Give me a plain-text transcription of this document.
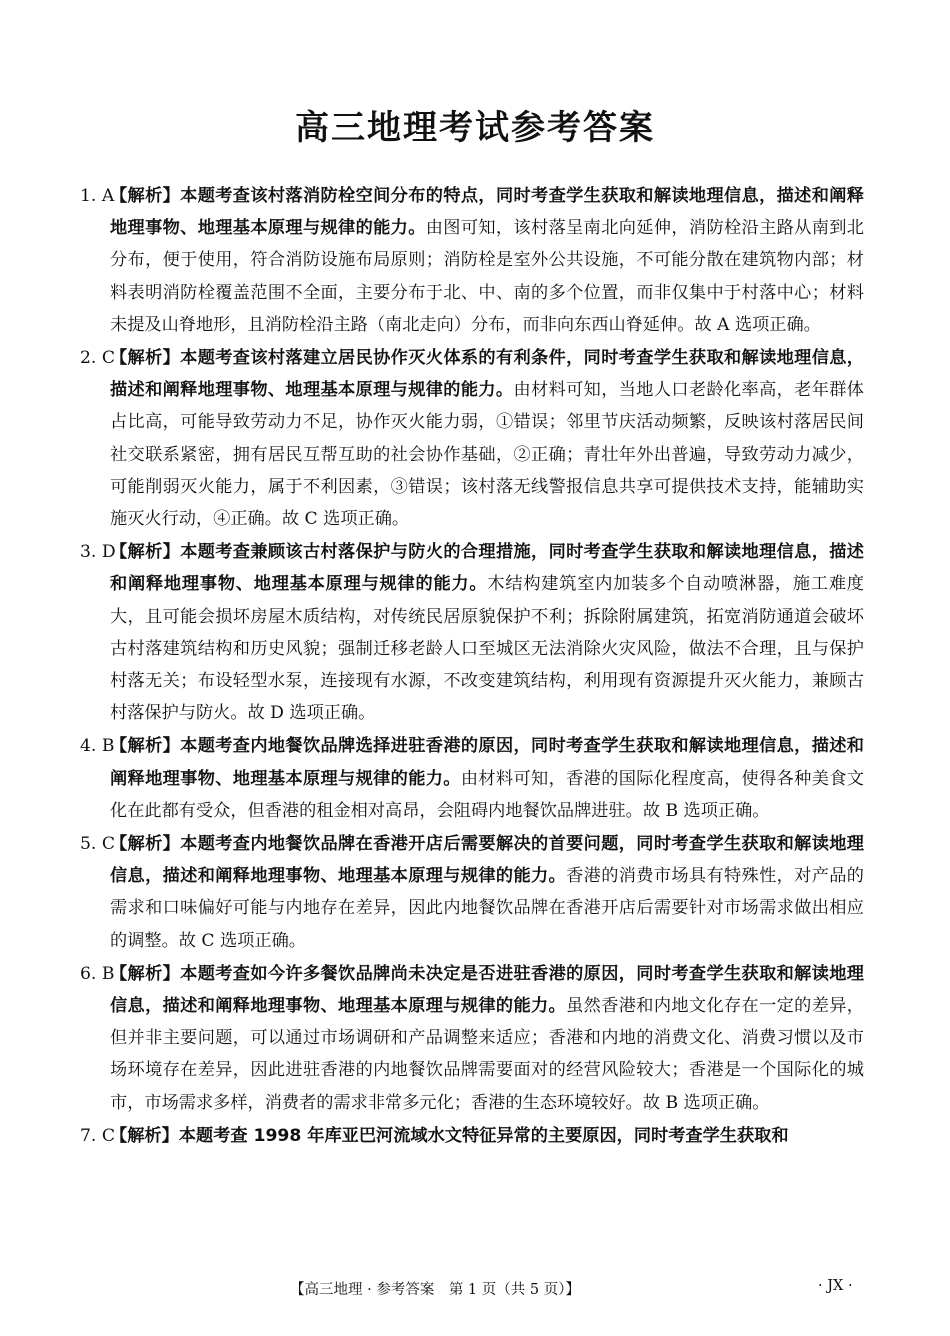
高三地理考试参考答案
1. A
【解析】本题考查该村落消防栓空间分布的特点，同时考查学生获取和解读地理信息，描述和阐释地理事物、地理基本原理与规律的能力。由图可知，该村落呈南北向延伸，消防栓沿主路从南到北分布，便于使用，符合消防设施布局原则；消防栓是室外公共设施，不可能分散在建筑物内部；材料表明消防栓覆盖范围不全面，主要分布于北、中、南的多个位置，而非仅集中于村落中心；材料未提及山脊地形，且消防栓沿主路（南北走向）分布，而非向东西山脊延伸。故 A 选项正确。
2. C
【解析】本题考查该村落建立居民协作灭火体系的有利条件，同时考查学生获取和解读地理信息，描述和阐释地理事物、地理基本原理与规律的能力。由材料可知，当地人口老龄化率高，老年群体占比高，可能导致劳动力不足，协作灭火能力弱，①错误；邻里节庆活动频繁，反映该村落居民间社交联系紧密，拥有居民互帮互助的社会协作基础，②正确；青壮年外出普遍，导致劳动力减少，可能削弱灭火能力，属于不利因素，③错误；该村落无线警报信息共享可提供技术支持，能辅助实施灭火行动，④正确。故 C 选项正确。
3. D
【解析】本题考查兼顾该古村落保护与防火的合理措施，同时考查学生获取和解读地理信息，描述和阐释地理事物、地理基本原理与规律的能力。木结构建筑室内加装多个自动喷淋器，施工难度大，且可能会损坏房屋木质结构，对传统民居原貌保护不利；拆除附属建筑，拓宽消防通道会破坏古村落建筑结构和历史风貌；强制迁移老龄人口至城区无法消除火灾风险，做法不合理，且与保护村落无关；布设轻型水泵，连接现有水源，不改变建筑结构，利用现有资源提升灭火能力，兼顾古村落保护与防火。故 D 选项正确。
4. B
【解析】本题考查内地餐饮品牌选择进驻香港的原因，同时考查学生获取和解读地理信息，描述和阐释地理事物、地理基本原理与规律的能力。由材料可知，香港的国际化程度高，使得各种美食文化在此都有受众，但香港的租金相对高昂，会阻碍内地餐饮品牌进驻。故 B 选项正确。
5. C
【解析】本题考查内地餐饮品牌在香港开店后需要解决的首要问题，同时考查学生获取和解读地理信息，描述和阐释地理事物、地理基本原理与规律的能力。香港的消费市场具有特殊性，对产品的需求和口味偏好可能与内地存在差异，因此内地餐饮品牌在香港开店后需要针对市场需求做出相应的调整。故 C 选项正确。
6. B
【解析】本题考查如今许多餐饮品牌尚未决定是否进驻香港的原因，同时考查学生获取和解读地理信息，描述和阐释地理事物、地理基本原理与规律的能力。虽然香港和内地文化存在一定的差异，但并非主要问题，可以通过市场调研和产品调整来适应；香港和内地的消费文化、消费习惯以及市场环境存在差异，因此进驻香港的内地餐饮品牌需要面对的经营风险较大；香港是一个国际化的城市，市场需求多样，消费者的需求非常多元化；香港的生态环境较好。故 B 选项正确。
7. C
【解析】本题考查 1998 年库亚巴河流域水文特征异常的主要原因，同时考查学生获取和
【高三地理 · 参考答案　第 1 页（共 5 页）】	· JX ·
